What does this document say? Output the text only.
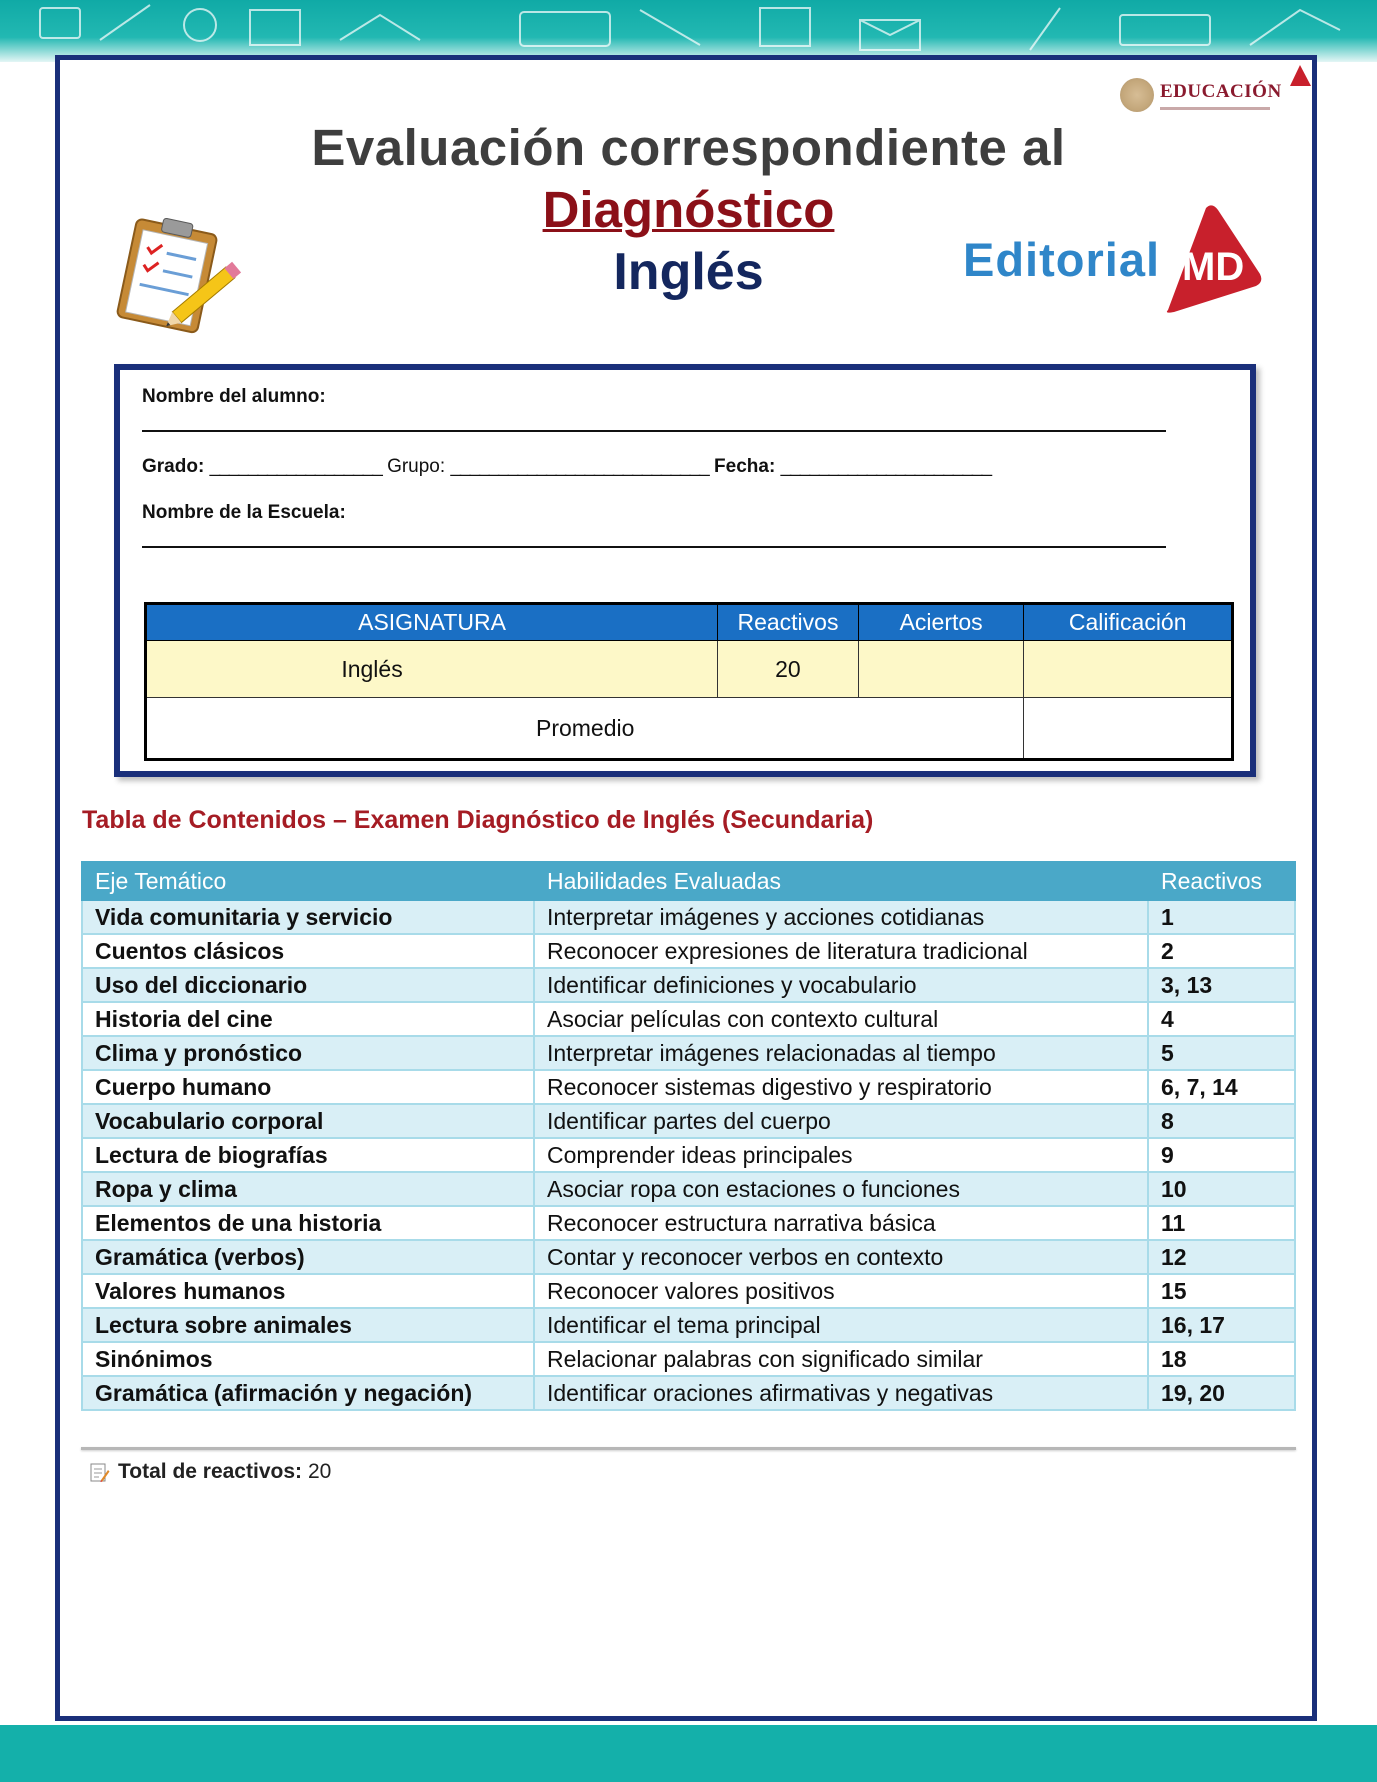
EDUCACIÓN
Evaluación correspondiente al
Diagnóstico
Inglés	Editorial MD
Nombre del alumno:
Grado: __________________ Grupo: ___________________________ Fecha: ______________________
Nombre de la Escuela:
ASIGNATURA	Reactivos	Aciertos	Calificación
Inglés	20		
Promedio			
Tabla de Contenidos – Examen Diagnóstico de Inglés (Secundaria)
Eje Temático	Habilidades Evaluadas	Reactivos
Vida comunitaria y servicio	Interpretar imágenes y acciones cotidianas	1
Cuentos clásicos	Reconocer expresiones de literatura tradicional	2
Uso del diccionario	Identificar definiciones y vocabulario	3, 13
Historia del cine	Asociar películas con contexto cultural	4
Clima y pronóstico	Interpretar imágenes relacionadas al tiempo	5
Cuerpo humano	Reconocer sistemas digestivo y respiratorio	6, 7, 14
Vocabulario corporal	Identificar partes del cuerpo	8
Lectura de biografías	Comprender ideas principales	9
Ropa y clima	Asociar ropa con estaciones o funciones	10
Elementos de una historia	Reconocer estructura narrativa básica	11
Gramática (verbos)	Contar y reconocer verbos en contexto	12
Valores humanos	Reconocer valores positivos	15
Lectura sobre animales	Identificar el tema principal	16, 17
Sinónimos	Relacionar palabras con significado similar	18
Gramática (afirmación y negación)	Identificar oraciones afirmativas y negativas	19, 20
Total de reactivos: 20
